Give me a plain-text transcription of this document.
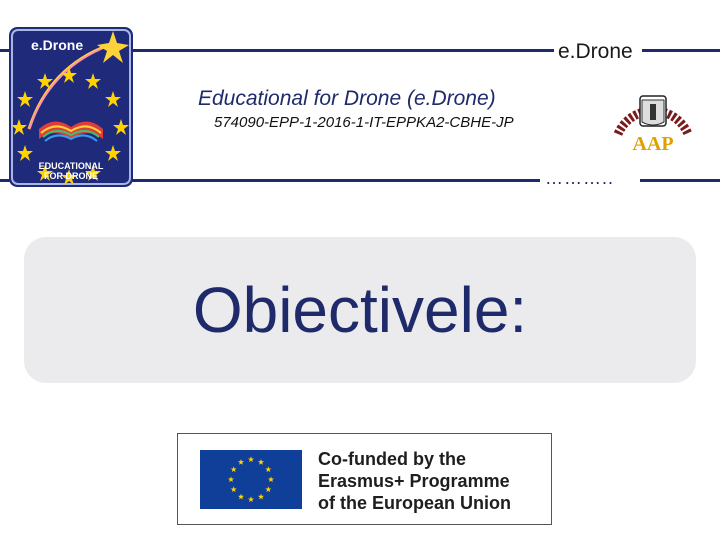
e.Drone
………..
Educational for Drone (e.Drone)
574090-EPP-1-2016-1-IT-EPPKA2-CBHE-JP
e.Drone
EDUCATIONAL
FOR DRONE
AAP
Obiectivele:
Co-funded by the
Erasmus+ Programme
of the European Union
